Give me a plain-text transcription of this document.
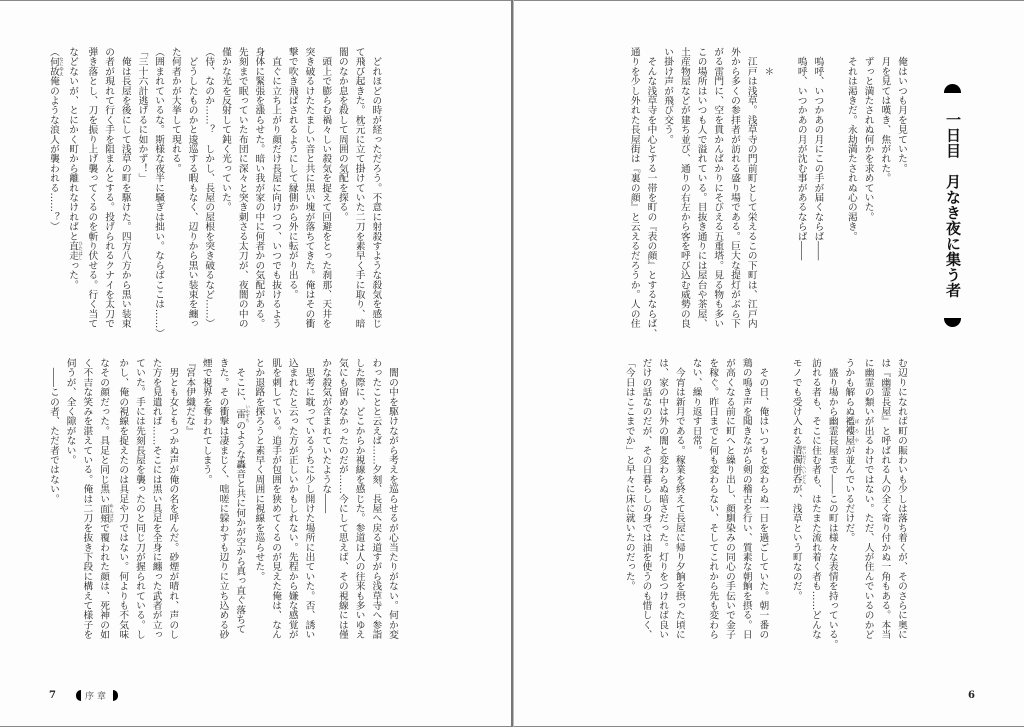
一日目　月なき夜に集う者
　俺はいつも月を見ていた。
　月を見ては嘆き、焦がれた。
　ずっと満たされぬ何かを求めていた。
　それは渇きだ。永劫満たされぬ心の渇き。
　嗚呼、いつかあの月にこの手が届くならば――
　嗚呼、いつかあの月が沈む事があるならば――
　　＊
　江戸は浅草。浅草寺の門前町として栄えるこの下町は、江戸内
外から多くの参拝者が訪れる盛り場である。巨大な提灯がぶら下
がる雷門に、空を貫かんばかりにそびえる五重塔。見る物も多い
この場所はいつも人で溢れている。目抜き通りには屋台や茶屋、
土産物屋などが建ち並び、通りの右左から客を呼び込む威勢の良
い掛け声が飛び交う。
　そんな浅草寺を中心とする一帯を町の『表の顔』とするならば、
通りを少し外れた長屋街は『裏の顔』と云えるだろうか。人の住
む辺りになれば町の賑わいも少しは落ち着くが、そのさらに奥に
は『幽霊長屋』と呼ばれる人の全く寄り付かぬ一角もある。本当
に幽霊の類いが出るわけではない。ただ、人が住んでいるのかど
うかも解らぬ襤褸屋 ぼろやが並んでいるだけだ。
　盛り場から幽霊長屋まで――この町は様々な表情を持っている。
訪れる者も、そこに住む者も、はたまた流れ着く者も……どんな
モノでも受け入れる清濁併呑 せいだくへいどんが、浅草という町なのだ。
　その日、俺はいつもと変わらぬ一日を過ごしていた。朝一番の
鶏の鳴き声を聞きながら剣の稽古を行い、質素な朝餉を摂る。日
が高くなる前に町へと繰り出し、顔馴染みの同心の手伝いで金子
を稼ぐ。昨日までと何も変わらない、そしてこれから先も変わら
ない、繰り返す日常。
　今宵は新月である。稼業を終えて長屋に帰り夕餉を摂った頃に
は、家の中は外の闇と変わらぬ暗さだった。灯りをつければ良い
だけの話なのだが、その日暮らしの身では油を使うのも惜しく、
「今日はここまでか」と早々に床に就いたのだった。
6
　どれほどの時が経っただろう。不意に射殺すような殺気を感じ
て飛び起きた。枕元に立て掛けていた二刀を素早く手に取り、暗
闇のなか息を殺して周囲の気配を探る。
　頭上で膨らむ禍々しい殺気を捉えて回避をとった刹那、天井を
突き破るけたたましい音と共に黒い塊が落ちてきた。俺はその衝
撃で吹き飛ばされるようにして縁側から外に転がり出る。
　直ぐに立ち上がり顔だけ長屋に向けつつ、いつでも抜けるよう
身体に緊張を漲らせた。暗い我が家の中に何者かの気配がある。
先刻まで眠っていた布団に深々と突き刺さる太刀が、夜闇の中の
僅かな光を反射して鈍く光っていた。
（侍、なのか……？　しかし、長屋の屋根を突き破るなど……）
　どうしたものかと逡巡する暇もなく、辺りから黒い装束を纏っ
た何者かが大挙して現れる。
（囲まれているな。斯様な夜半に騒ぎは拙い。ならばここは……）
「三十六計逃げるに如かず！」
　俺は長屋を後にして浅草の町を駆けた。四方八方から黒い装束
の者が現れて行く手を阻まんとする。投げられるクナイを太刀で
弾き落とし、刀を振り上げ襲ってくるのを斬り伏せる。行く当て
などないが、とにかく町から離れなければと直走 ひたはしった。
（何故 なにゆえ俺のような浪人が襲われる……？）
　闇の中を駆けながら考えを巡らせるが心当たりがない。何か変
わったことと云えば……夕刻、長屋へ戻る道すがら浅草寺へ参詣
した際に、どこからか視線を感じた。参道は人の往来も多いゆえ
気にも留めなかったのだが……今にして思えば、その視線には僅
かな殺気が含まれていたような――
　思考に耽っているうちに少し開けた場所に出ていた。否、誘い
込まれたと云った方が正しいかもしれない。先程から嫌な感覚が
肌を刺している。追手が包囲を狭めてくるのが見えた俺は、なん
とか退路を探ろうと素早く周囲に視線を巡らせた。
　そこに、雷 いかずちのような轟音と共に何かが空から真っ直ぐ落ちて
きた。その衝撃は凄まじく、咄嗟に躱わすも辺りに立ち込める砂
煙で視界を奪われてしまう。
『宮本伊織だな』
　男とも女ともつかぬ声が俺の名を呼んだ。砂煙が晴れ、声のし
た方を見遣れば……そこには黒い具足を全身に纏った武者が立っ
ていた。手には先刻長屋を襲ったのと同じ刀が握られている。し
かし、俺の視線を捉えたのは具足や刀ではない。何よりも不気味
なその顔だった。具足と同じ黒い面頬 めんぼおで覆われた顔は、死神の如
く不吉な笑みを湛えている。俺は二刀を抜き下段に構えて様子を
伺うが、全く隙がない。
　――この者、ただ者ではない。
7	序章
